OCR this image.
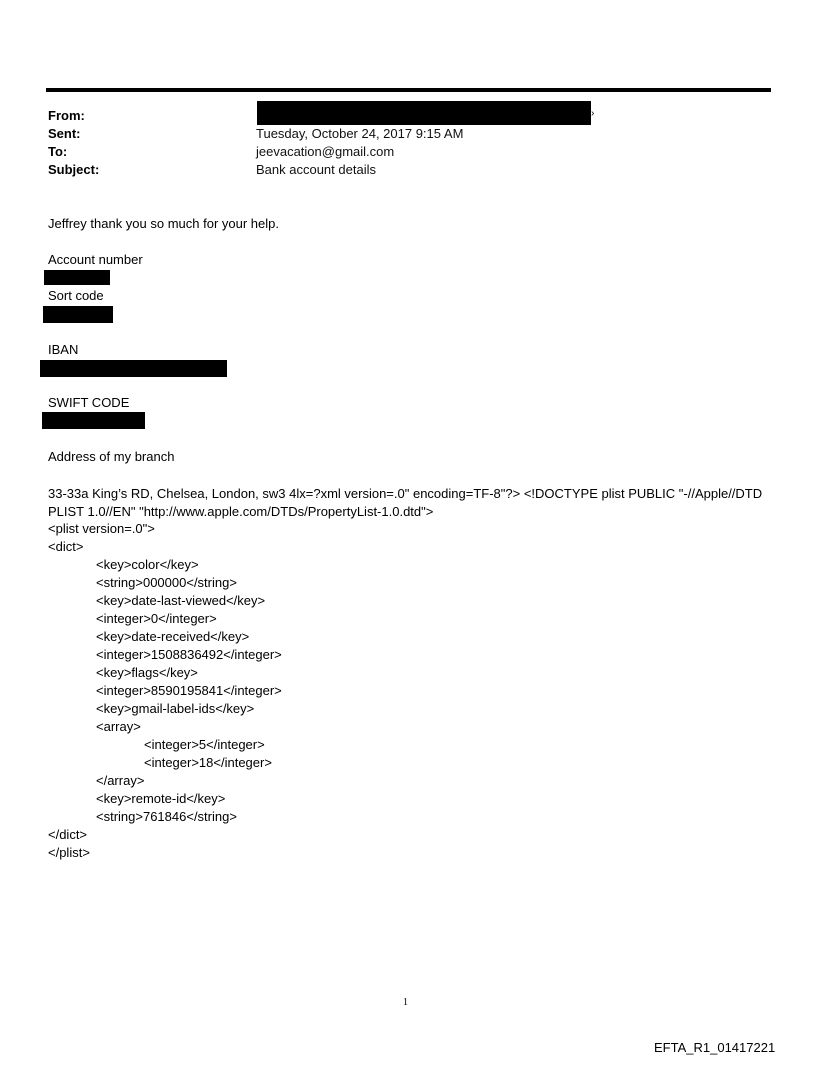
From:	›
Sent:	Tuesday, October 24, 2017 9:15 AM
To:	jeevacation@gmail.com
Subject:	Bank account details
Jeffrey thank you so much for your help.
Account number
Sort code
IBAN
SWIFT CODE
Address of my branch
33-33a King’s RD, Chelsea, London, sw3 4lx=?xml version=.0" encoding=TF-8"?> <!DOCTYPE plist PUBLIC "-//Apple//DTD
PLIST 1.0//EN" "http://www.apple.com/DTDs/PropertyList-1.0.dtd">
<plist version=.0">
<dict>
<key>color</key>
<string>000000</string>
<key>date-last-viewed</key>
<integer>0</integer>
<key>date-received</key>
<integer>1508836492</integer>
<key>flags</key>
<integer>8590195841</integer>
<key>gmail-label-ids</key>
<array>
<integer>5</integer>
<integer>18</integer>
</array>
<key>remote-id</key>
<string>761846</string>
</dict>
</plist>
1
EFTA_R1_01417221
